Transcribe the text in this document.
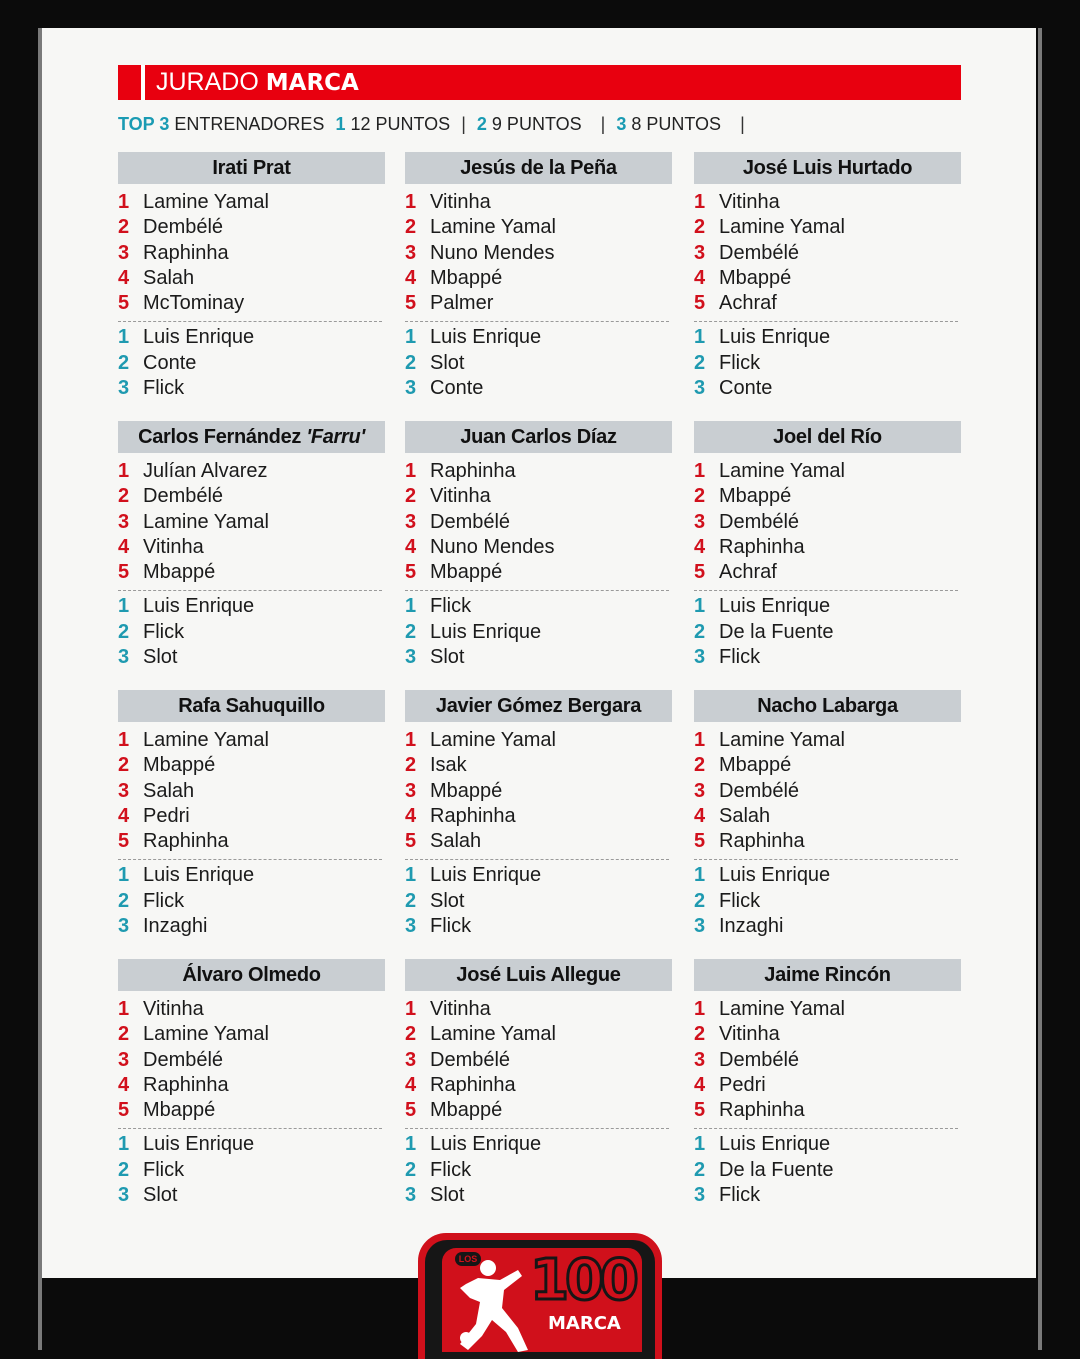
JURADO MARCA
TOP 3 ENTRENADORES 1 12 PUNTOS | 2 9 PUNTOS | 3 8 PUNTOS |
Irati Prat
1 Lamine Yamal
2 Dembélé
3 Raphinha
4 Salah
5 McTominay
1 Luis Enrique
2 Conte
3 Flick
Jesús de la Peña
1 Vitinha
2 Lamine Yamal
3 Nuno Mendes
4 Mbappé
5 Palmer
1 Luis Enrique
2 Slot
3 Conte
José Luis Hurtado
1 Vitinha
2 Lamine Yamal
3 Dembélé
4 Mbappé
5 Achraf
1 Luis Enrique
2 Flick
3 Conte
Carlos Fernández 'Farru'
1 Julían Alvarez
2 Dembélé
3 Lamine Yamal
4 Vitinha
5 Mbappé
1 Luis Enrique
2 Flick
3 Slot
Juan Carlos Díaz
1 Raphinha
2 Vitinha
3 Dembélé
4 Nuno Mendes
5 Mbappé
1 Flick
2 Luis Enrique
3 Slot
Joel del Río
1 Lamine Yamal
2 Mbappé
3 Dembélé
4 Raphinha
5 Achraf
1 Luis Enrique
2 De la Fuente
3 Flick
Rafa Sahuquillo
1 Lamine Yamal
2 Mbappé
3 Salah
4 Pedri
5 Raphinha
1 Luis Enrique
2 Flick
3 Inzaghi
Javier Gómez Bergara
1 Lamine Yamal
2 Isak
3 Mbappé
4 Raphinha
5 Salah
1 Luis Enrique
2 Slot
3 Flick
Nacho Labarga
1 Lamine Yamal
2 Mbappé
3 Dembélé
4 Salah
5 Raphinha
1 Luis Enrique
2 Flick
3 Inzaghi
Álvaro Olmedo
1 Vitinha
2 Lamine Yamal
3 Dembélé
4 Raphinha
5 Mbappé
1 Luis Enrique
2 Flick
3 Slot
José Luis Allegue
1 Vitinha
2 Lamine Yamal
3 Dembélé
4 Raphinha
5 Mbappé
1 Luis Enrique
2 Flick
3 Slot
Jaime Rincón
1 Lamine Yamal
2 Vitinha
3 Dembélé
4 Pedri
5 Raphinha
1 Luis Enrique
2 De la Fuente
3 Flick
LOS 100
MARCA
